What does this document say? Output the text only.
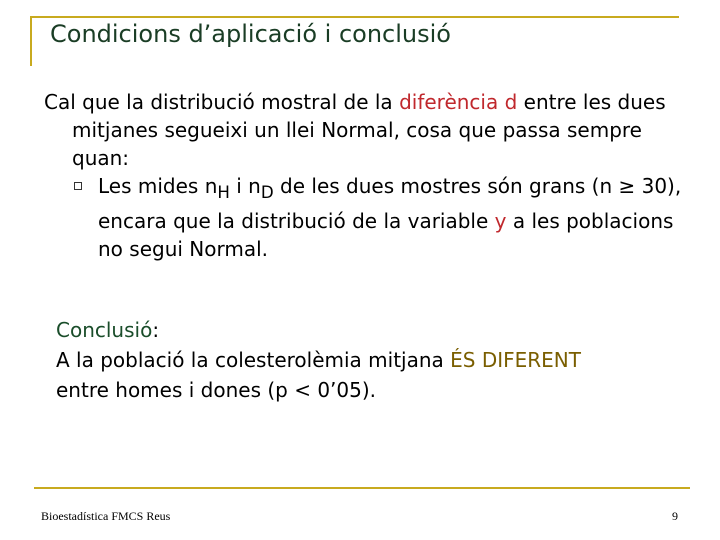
Condicions d’aplicació i conclusió

Cal que la distribució mostral de la diferència d entre les dues mitjanes segueixi un llei Normal, cosa que passa sempre quan:

Les mides $n_H$ i $n_D$ de les dues mostres són grans (n ≥ 30), encara que la distribució de la variable y a les poblacions no segui Normal.

Conclusió:

A la població la colesterolèmia mitjana ÉS DIFERENT

entre homes i dones (p < 0’05).

Bioestadística FMCS Reus	9
